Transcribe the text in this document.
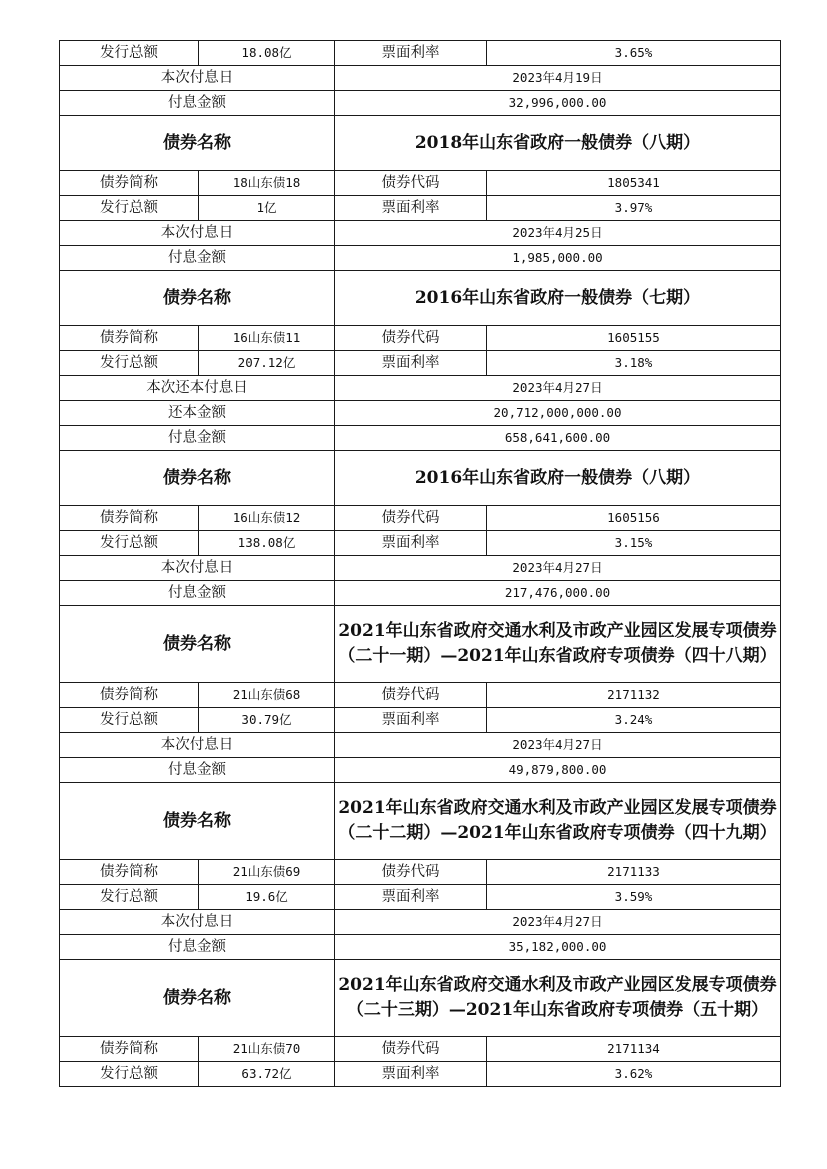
发行总额	18.08亿	票面利率	3.65%
本次付息日		2023年4月19日	
付息金额		32,996,000.00	
债券名称		2018年山东省政府一般债券（八期）	
债券简称	18山东债18	债券代码	1805341
发行总额	1亿	票面利率	3.97%
本次付息日		2023年4月25日	
付息金额		1,985,000.00	
债券名称		2016年山东省政府一般债券（七期）	
债券简称	16山东债11	债券代码	1605155
发行总额	207.12亿	票面利率	3.18%
本次还本付息日		2023年4月27日	
还本金额		20,712,000,000.00	
付息金额		658,641,600.00	
债券名称		2016年山东省政府一般债券（八期）	
债券简称	16山东债12	债券代码	1605156
发行总额	138.08亿	票面利率	3.15%
本次付息日		2023年4月27日	
付息金额		217,476,000.00	
债券名称		2021年山东省政府交通水利及市政产业园区发展专项债券（二十一期）—2021年山东省政府专项债券（四十八期）	
债券简称	21山东债68	债券代码	2171132
发行总额	30.79亿	票面利率	3.24%
本次付息日		2023年4月27日	
付息金额		49,879,800.00	
债券名称		2021年山东省政府交通水利及市政产业园区发展专项债券（二十二期）—2021年山东省政府专项债券（四十九期）	
债券简称	21山东债69	债券代码	2171133
发行总额	19.6亿	票面利率	3.59%
本次付息日		2023年4月27日	
付息金额		35,182,000.00	
债券名称		2021年山东省政府交通水利及市政产业园区发展专项债券（二十三期）—2021年山东省政府专项债券（五十期）	
债券简称	21山东债70	债券代码	2171134
发行总额	63.72亿	票面利率	3.62%
